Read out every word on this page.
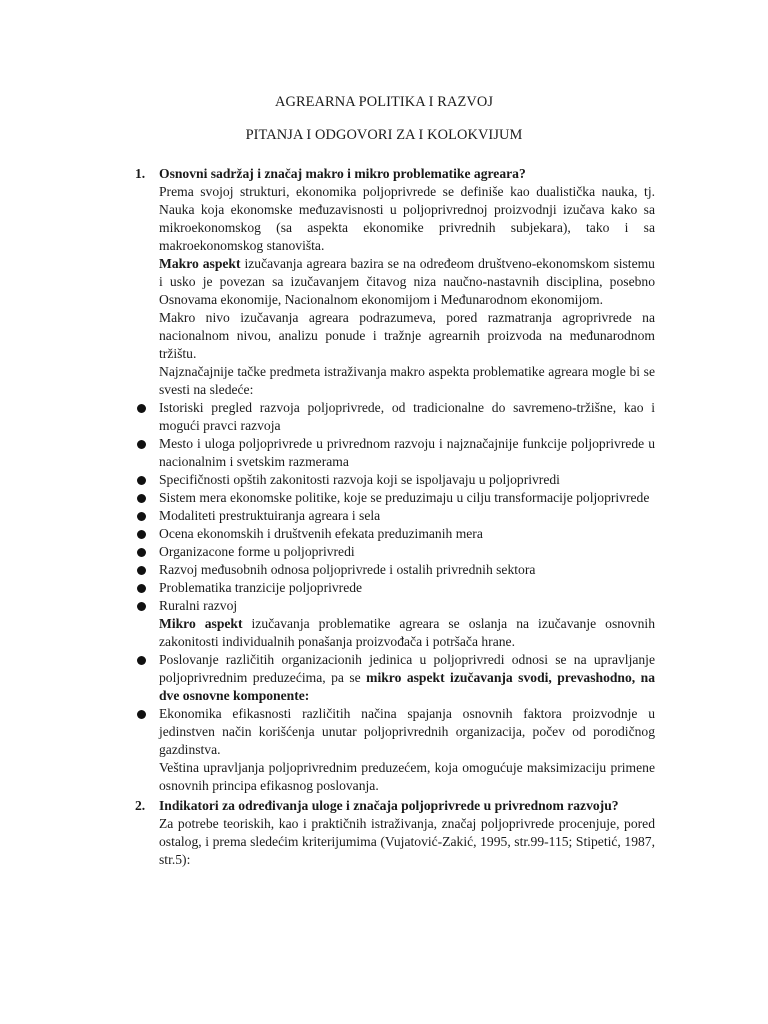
AGREARNA POLITIKA I RAZVOJ
PITANJA I ODGOVORI ZA I KOLOKVIJUM
1. Osnovni sadržaj i značaj makro i mikro problematike agreara?
Prema svojoj strukturi, ekonomika poljoprivrede se definiše kao dualistička nauka, tj. Nauka koja ekonomske međuzavisnosti u poljoprivrednoj proizvodnji izučava kako sa mikroekonomskog (sa aspekta ekonomike privrednih subjekara), tako i sa makroekonomskog stanovišta.
Makro aspekt izučavanja agreara bazira se na određeom društveno-ekonomskom sistemu i usko je povezan sa izučavanjem čitavog niza naučno-nastavnih disciplina, posebno Osnovama ekonomije, Nacionalnom ekonomijom i Međunarodnom ekonomijom.
Makro nivo izučavanja agreara podrazumeva, pored razmatranja agroprivrede na nacionalnom nivou, analizu ponude i tražnje agrearnih proizvoda na međunarodnom tržištu.
Najznačajnije tačke predmeta istraživanja makro aspekta problematike agreara mogle bi se svesti na sledeće:
Istoriski pregled razvoja poljoprivrede, od tradicionalne do savremeno-tržišne, kao i mogući pravci razvoja
Mesto i uloga poljoprivrede u privrednom razvoju i najznačajnije funkcije poljoprivrede u nacionalnim i svetskim razmerama
Specifičnosti opštih zakonitosti razvoja koji se ispoljavaju u poljoprivredi
Sistem mera ekonomske politike, koje se preduzimaju u cilju transformacije poljoprivrede
Modaliteti prestruktuiranja agreara i sela
Ocena ekonomskih i društvenih efekata preduzimanih mera
Organizacone forme u poljoprivredi
Razvoj međusobnih odnosa poljoprivrede i ostalih privrednih sektora
Problematika tranzicije poljoprivrede
Ruralni razvoj
Mikro aspekt izučavanja problematike agreara se oslanja na izučavanje osnovnih zakonitosti individualnih ponašanja proizvođača i potršača hrane.
Poslovanje različitih organizacionih jedinica u poljoprivredi odnosi se na upravljanje poljoprivrednim preduzećima, pa se mikro aspekt izučavanja svodi, prevashodno, na dve osnovne komponente:
Ekonomika efikasnosti različitih načina spajanja osnovnih faktora proizvodnje u jedinstven način korišćenja unutar poljoprivrednih organizacija, počev od porodičnog gazdinstva.
Veština upravljanja poljoprivrednim preduzećem, koja omogućuje maksimizaciju primene osnovnih principa efikasnog poslovanja.
2. Indikatori za određivanja uloge i značaja poljoprivrede u privrednom razvoju?
Za potrebe teoriskih, kao i praktičnih istraživanja, značaj poljoprivrede procenjuje, pored ostalog, i prema sledećim kriterijumima (Vujatović-Zakić, 1995, str.99-115; Stipetić, 1987, str.5):
